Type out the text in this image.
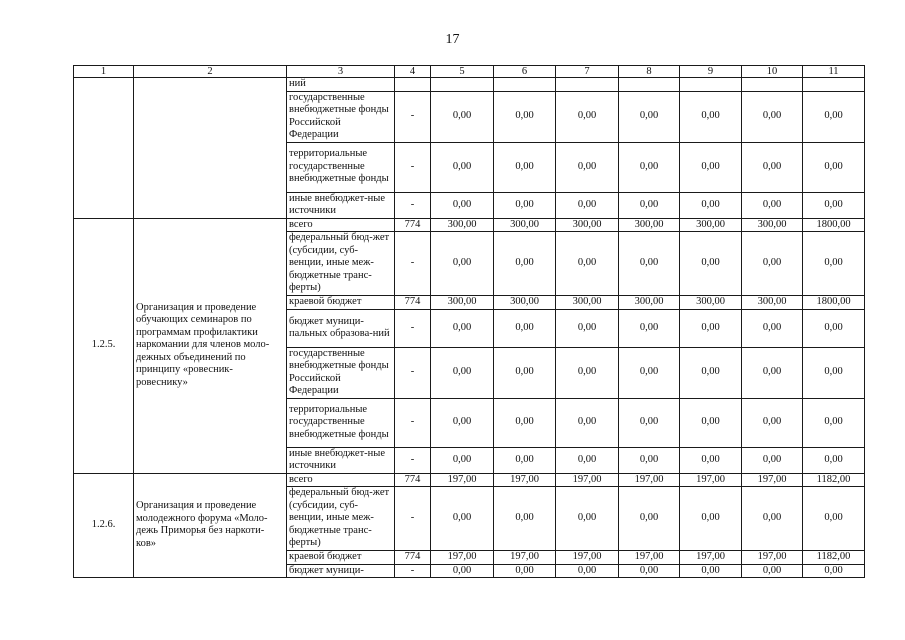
17
1	2	3	4	5	6	7	8	9	10	11
		ний								
		государственные внебюджетные фонды Российской Федерации	-	0,00	0,00	0,00	0,00	0,00	0,00	0,00
		территориальные государственные внебюджетные фонды	-	0,00	0,00	0,00	0,00	0,00	0,00	0,00
		иные внебюджет-ные источники	-	0,00	0,00	0,00	0,00	0,00	0,00	0,00
1.2.5.	Организация и проведение обучающих семинаров по программам профилактики наркомании для членов моло-дежных объединений по принципу «ровесник-ровеснику»	всего	774	300,00	300,00	300,00	300,00	300,00	300,00	1800,00
		федеральный бюд-жет (субсидии, суб-венции, иные меж-бюджетные транс-ферты)	-	0,00	0,00	0,00	0,00	0,00	0,00	0,00
		краевой бюджет	774	300,00	300,00	300,00	300,00	300,00	300,00	1800,00
		бюджет муници-пальных образова-ний	-	0,00	0,00	0,00	0,00	0,00	0,00	0,00
		государственные внебюджетные фонды Российской Федерации	-	0,00	0,00	0,00	0,00	0,00	0,00	0,00
		территориальные государственные внебюджетные фонды	-	0,00	0,00	0,00	0,00	0,00	0,00	0,00
		иные внебюджет-ные источники	-	0,00	0,00	0,00	0,00	0,00	0,00	0,00
1.2.6.	Организация и проведение молодежного форума «Моло-дежь Приморья без наркоти-ков»	всего	774	197,00	197,00	197,00	197,00	197,00	197,00	1182,00
		федеральный бюд-жет (субсидии, суб-венции, иные меж-бюджетные транс-ферты)	-	0,00	0,00	0,00	0,00	0,00	0,00	0,00
		краевой бюджет	774	197,00	197,00	197,00	197,00	197,00	197,00	1182,00
		бюджет муници-	-	0,00	0,00	0,00	0,00	0,00	0,00	0,00
